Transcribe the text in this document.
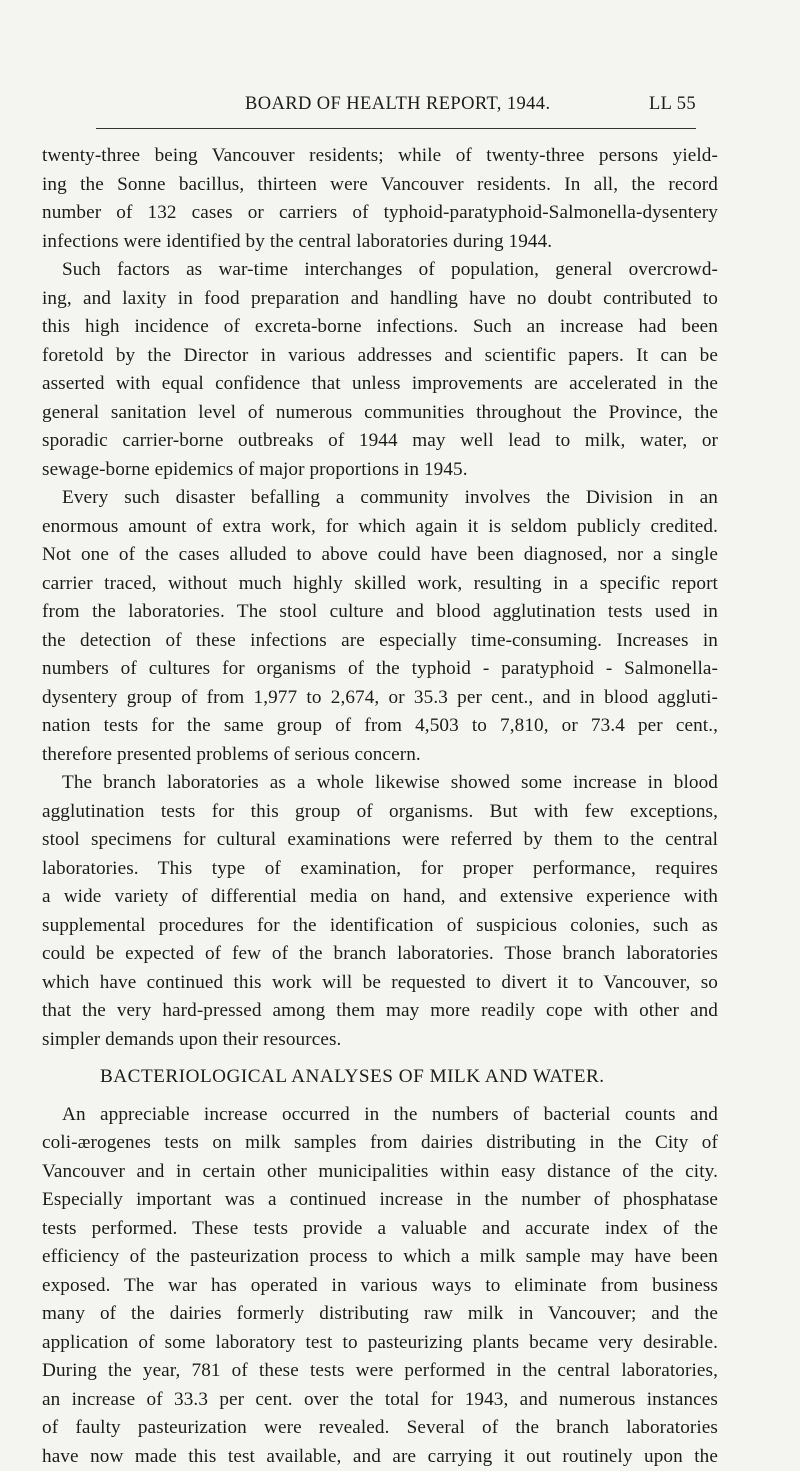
BOARD OF HEALTH REPORT, 1944.	LL 55
twenty-three being Vancouver residents; while of twenty-three persons yield-
ing the Sonne bacillus, thirteen were Vancouver residents. In all, the record
number of 132 cases or carriers of typhoid-paratyphoid-Salmonella-dysentery
infections were identified by the central laboratories during 1944.
Such factors as war-time interchanges of population, general overcrowd-
ing, and laxity in food preparation and handling have no doubt contributed to
this high incidence of excreta-borne infections. Such an increase had been
foretold by the Director in various addresses and scientific papers. It can be
asserted with equal confidence that unless improvements are accelerated in the
general sanitation level of numerous communities throughout the Province, the
sporadic carrier-borne outbreaks of 1944 may well lead to milk, water, or
sewage-borne epidemics of major proportions in 1945.
Every such disaster befalling a community involves the Division in an
enormous amount of extra work, for which again it is seldom publicly credited.
Not one of the cases alluded to above could have been diagnosed, nor a single
carrier traced, without much highly skilled work, resulting in a specific report
from the laboratories. The stool culture and blood agglutination tests used in
the detection of these infections are especially time-consuming. Increases in
numbers of cultures for organisms of the typhoid - paratyphoid - Salmonella-
dysentery group of from 1,977 to 2,674, or 35.3 per cent., and in blood aggluti-
nation tests for the same group of from 4,503 to 7,810, or 73.4 per cent.,
therefore presented problems of serious concern.
The branch laboratories as a whole likewise showed some increase in blood
agglutination tests for this group of organisms. But with few exceptions,
stool specimens for cultural examinations were referred by them to the central
laboratories. This type of examination, for proper performance, requires
a wide variety of differential media on hand, and extensive experience with
supplemental procedures for the identification of suspicious colonies, such as
could be expected of few of the branch laboratories. Those branch laboratories
which have continued this work will be requested to divert it to Vancouver, so
that the very hard-pressed among them may more readily cope with other and
simpler demands upon their resources.
BACTERIOLOGICAL ANALYSES OF MILK AND WATER.
An appreciable increase occurred in the numbers of bacterial counts and
coli-ærogenes tests on milk samples from dairies distributing in the City of
Vancouver and in certain other municipalities within easy distance of the city.
Especially important was a continued increase in the number of phosphatase
tests performed. These tests provide a valuable and accurate index of the
efficiency of the pasteurization process to which a milk sample may have been
exposed. The war has operated in various ways to eliminate from business
many of the dairies formerly distributing raw milk in Vancouver; and the
application of some laboratory test to pasteurizing plants became very desirable.
During the year, 781 of these tests were performed in the central laboratories,
an increase of 33.3 per cent. over the total for 1943, and numerous instances
of faulty pasteurization were revealed. Several of the branch laboratories
have now made this test available, and are carrying it out routinely upon the
